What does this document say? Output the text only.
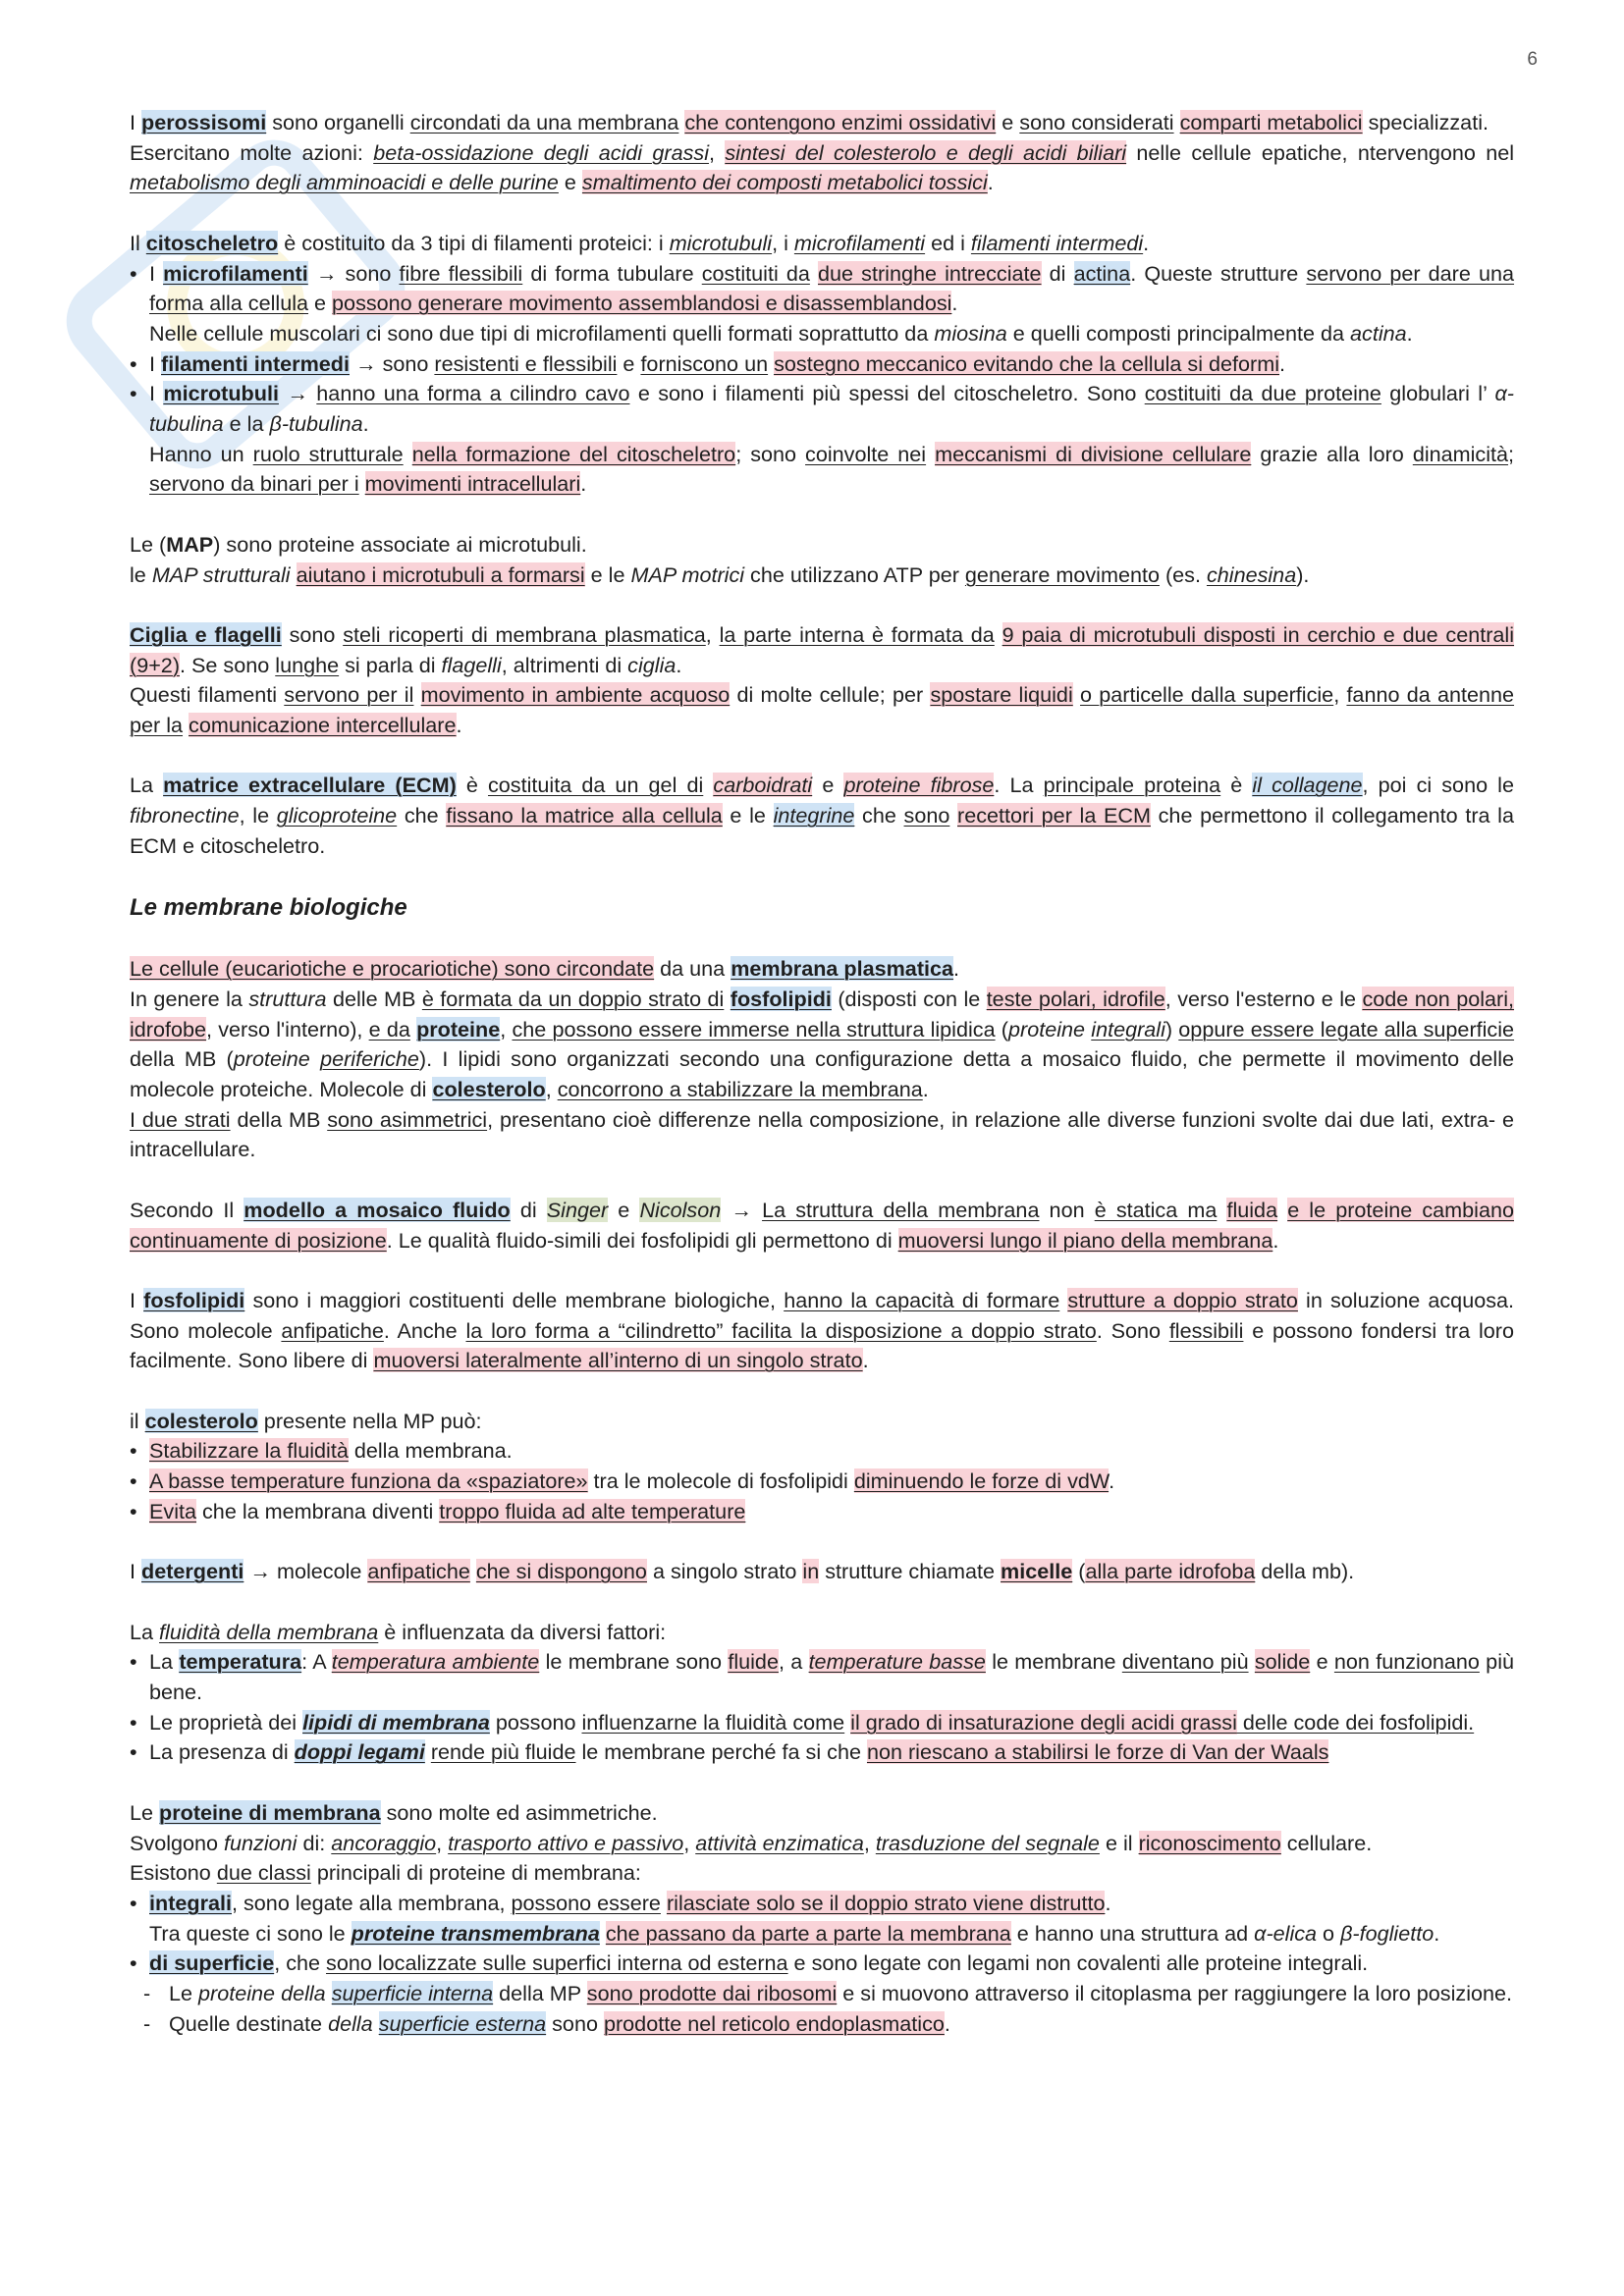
6

I perossisomi sono organelli circondati da una membrana che contengono enzimi ossidativi e sono considerati comparti metabolici specializzati.

Esercitano molte azioni: beta-ossidazione degli acidi grassi, sintesi del colesterolo e degli acidi biliari nelle cellule epatiche, ntervengono nel metabolismo degli amminoacidi e delle purine e smaltimento dei composti metabolici tossici.

Il citoscheletro è costituito da 3 tipi di filamenti proteici: i microtubuli, i microfilamenti ed i filamenti intermedi.

• I microfilamenti → sono fibre flessibili di forma tubulare costituiti da due stringhe intrecciate di actina. Queste strutture servono per dare una forma alla cellula e possono generare movimento assemblandosi e disassemblandosi.
Nelle cellule muscolari ci sono due tipi di microfilamenti quelli formati soprattutto da miosina e quelli composti principalmente da actina.
• I filamenti intermedi → sono resistenti e flessibili e forniscono un sostegno meccanico evitando che la cellula si deformi.
• I microtubuli → hanno una forma a cilindro cavo e sono i filamenti più spessi del citoscheletro. Sono costituiti da due proteine globulari l’ α- tubulina e la β-tubulina.
Hanno un ruolo strutturale nella formazione del citoscheletro; sono coinvolte nei meccanismi di divisione cellulare grazie alla loro dinamicità; servono da binari per i movimenti intracellulari.

Le (MAP) sono proteine associate ai microtubuli.

le MAP strutturali aiutano i microtubuli a formarsi e le MAP motrici che utilizzano ATP per generare movimento (es. chinesina).

Ciglia e flagelli sono steli ricoperti di membrana plasmatica, la parte interna è formata da 9 paia di microtubuli disposti in cerchio e due centrali (9+2). Se sono lunghe si parla di flagelli, altrimenti di ciglia.

Questi filamenti servono per il movimento in ambiente acquoso di molte cellule; per spostare liquidi o particelle dalla superficie, fanno da antenne per la comunicazione intercellulare.

La matrice extracellulare (ECM) è costituita da un gel di carboidrati e proteine fibrose. La principale proteina è il collagene, poi ci sono le fibronectine, le glicoproteine che fissano la matrice alla cellula e le integrine che sono recettori per la ECM che permettono il collegamento tra la ECM e citoscheletro.

Le membrane biologiche

Le cellule (eucariotiche e procariotiche) sono circondate da una membrana plasmatica.

In genere la struttura delle MB è formata da un doppio strato di fosfolipidi (disposti con le teste polari, idrofile, verso l'esterno e le code non polari, idrofobe, verso l'interno), e da proteine, che possono essere immerse nella struttura lipidica (proteine integrali) oppure essere legate alla superficie della MB (proteine periferiche). I lipidi sono organizzati secondo una configurazione detta a mosaico fluido, che permette il movimento delle molecole proteiche. Molecole di colesterolo, concorrono a stabilizzare la membrana.

I due strati della MB sono asimmetrici, presentano cioè differenze nella composizione, in relazione alle diverse funzioni svolte dai due lati, extra- e intracellulare.

Secondo Il modello a mosaico fluido di Singer e Nicolson → La struttura della membrana non è statica ma fluida e le proteine cambiano continuamente di posizione. Le qualità fluido-simili dei fosfolipidi gli permettono di muoversi lungo il piano della membrana.

I fosfolipidi sono i maggiori costituenti delle membrane biologiche, hanno la capacità di formare strutture a doppio strato in soluzione acquosa. Sono molecole anfipatiche. Anche la loro forma a “cilindretto” facilita la disposizione a doppio strato. Sono flessibili e possono fondersi tra loro facilmente. Sono libere di muoversi lateralmente all’interno di un singolo strato.

il colesterolo presente nella MP può:

• Stabilizzare la fluidità della membrana.
• A basse temperature funziona da «spaziatore» tra le molecole di fosfolipidi diminuendo le forze di vdW.
• Evita che la membrana diventi troppo fluida ad alte temperature

I detergenti → molecole anfipatiche che si dispongono a singolo strato in strutture chiamate micelle (alla parte idrofoba della mb).

La fluidità della membrana è influenzata da diversi fattori:

• La temperatura: A temperatura ambiente le membrane sono fluide, a temperature basse le membrane diventano più solide e non funzionano più bene.
• Le proprietà dei lipidi di membrana possono influenzarne la fluidità come il grado di insaturazione degli acidi grassi delle code dei fosfolipidi.
• La presenza di doppi legami rende più fluide le membrane perché fa si che non riescano a stabilirsi le forze di Van der Waals

Le proteine di membrana sono molte ed asimmetriche.

Svolgono funzioni di: ancoraggio, trasporto attivo e passivo, attività enzimatica, trasduzione del segnale e il riconoscimento cellulare.

Esistono due classi principali di proteine di membrana:

• integrali, sono legate alla membrana, possono essere rilasciate solo se il doppio strato viene distrutto.
Tra queste ci sono le proteine transmembrana che passano da parte a parte la membrana e hanno una struttura ad α-elica o β-foglietto.
• di superficie, che sono localizzate sulle superfici interna od esterna e sono legate con legami non covalenti alle proteine integrali.
- Le proteine della superficie interna della MP sono prodotte dai ribosomi e si muovono attraverso il citoplasma per raggiungere la loro posizione.
- Quelle destinate della superficie esterna sono prodotte nel reticolo endoplasmatico.
